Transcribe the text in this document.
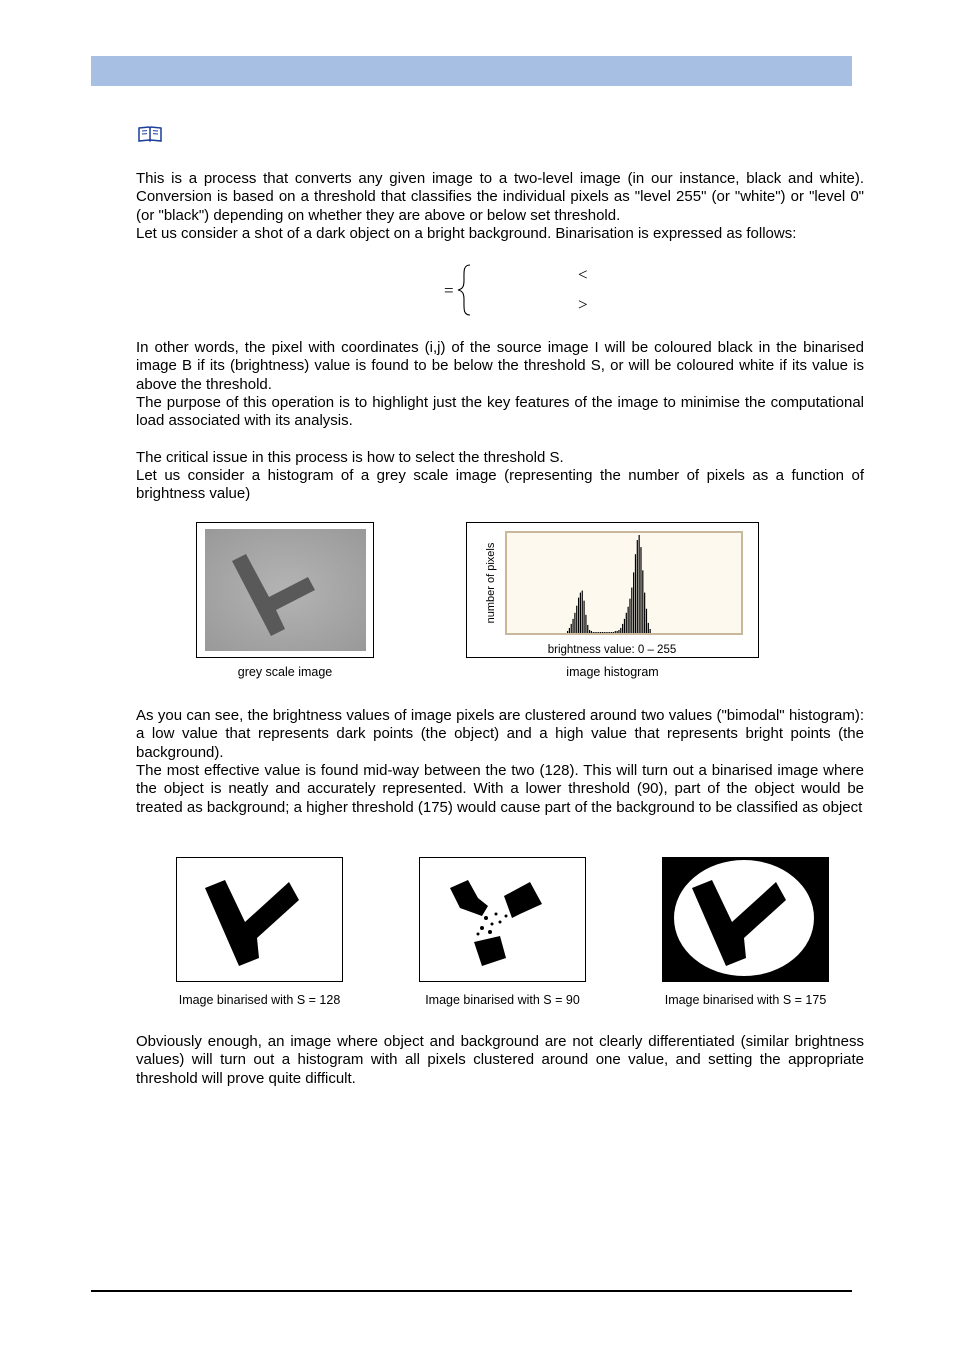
This is a process that converts any given image to a two-level image (in our instance, black and white). Conversion is based on a threshold that classifies the individual pixels as "level 255" (or "white") or "level 0" (or "black") depending on whether they are above or below set threshold.

Let us consider a shot of a dark object on a bright background. Binarisation is expressed as follows:

=
<
>

In other words, the pixel with coordinates (i,j) of the source image I will be coloured black in the binarised image B if its (brightness) value is found to be below the threshold S, or will be coloured white if its value is above the threshold.

The purpose of this operation is to highlight just the key features of the image to minimise the computational load associated with its analysis.

The critical issue in this process is how to select the threshold S.

Let us consider a histogram of a grey scale image (representing the number of pixels as a function of brightness value)

grey scale image
number of pixels
brightness value: 0 – 255
image histogram

As you can see, the brightness values of image pixels are clustered around two values ("bimodal" histogram): a low value that represents dark points (the object) and a high value that represents bright points (the background).

The most effective value is found mid-way between the two (128). This will turn out a binarised image where the object is neatly and accurately represented. With a lower threshold (90), part of the object would be treated as background; a higher threshold (175) would cause part of the background to be classified as object

Image binarised with S = 128	Image binarised with S = 90	Image binarised with S = 175

Obviously enough, an image where object and background are not clearly differentiated (similar brightness values) will turn out a histogram with all pixels clustered around one value, and setting the appropriate threshold will prove quite difficult.
